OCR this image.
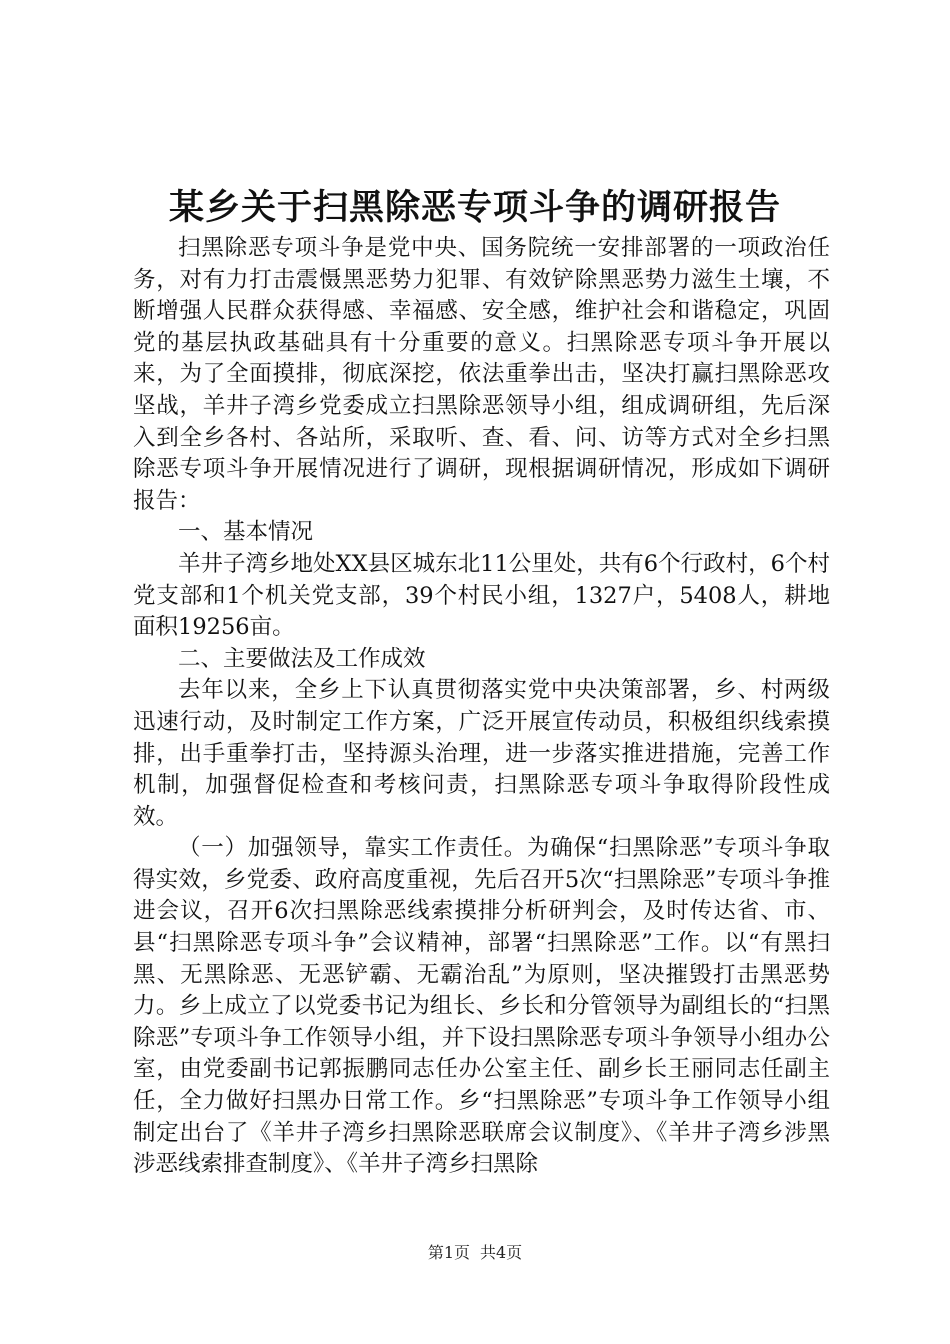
某乡关于扫黑除恶专项斗争的调研报告

扫黑除恶专项斗争是党中央、国务院统一安排部署的一项政治任务，对有力打击震慑黑恶势力犯罪、有效铲除黑恶势力滋生土壤，不断增强人民群众获得感、幸福感、安全感，维护社会和谐稳定，巩固党的基层执政基础具有十分重要的意义。扫黑除恶专项斗争开展以来，为了全面摸排，彻底深挖，依法重拳出击，坚决打赢扫黑除恶攻坚战，羊井子湾乡党委成立扫黑除恶领导小组，组成调研组，先后深入到全乡各村、各站所，采取听、查、看、问、访等方式对全乡扫黑除恶专项斗争开展情况进行了调研，现根据调研情况，形成如下调研报告：

一、基本情况

羊井子湾乡地处XX县区城东北11公里处，共有6个行政村，6个村党支部和1个机关党支部，39个村民小组，1327户，5408人，耕地面积19256亩。

二、主要做法及工作成效

去年以来，全乡上下认真贯彻落实党中央决策部署，乡、村两级迅速行动，及时制定工作方案，广泛开展宣传动员，积极组织线索摸排，出手重拳打击，坚持源头治理，进一步落实推进措施，完善工作机制，加强督促检查和考核问责，扫黑除恶专项斗争取得阶段性成效。

（一）加强领导，靠实工作责任。为确保“扫黑除恶”专项斗争取得实效，乡党委、政府高度重视，先后召开5次“扫黑除恶”专项斗争推进会议，召开6次扫黑除恶线索摸排分析研判会，及时传达省、市、县“扫黑除恶专项斗争”会议精神，部署“扫黑除恶”工作。以“有黑扫黑、无黑除恶、无恶铲霸、无霸治乱”为原则，坚决摧毁打击黑恶势力。乡上成立了以党委书记为组长、乡长和分管领导为副组长的“扫黑除恶”专项斗争工作领导小组，并下设扫黑除恶专项斗争领导小组办公室，由党委副书记郭振鹏同志任办公室主任、副乡长王丽同志任副主任，全力做好扫黑办日常工作。乡“扫黑除恶”专项斗争工作领导小组制定出台了《羊井子湾乡扫黑除恶联席会议制度》、《羊井子湾乡涉黑涉恶线索排查制度》、《羊井子湾乡扫黑除

第1页 共4页
